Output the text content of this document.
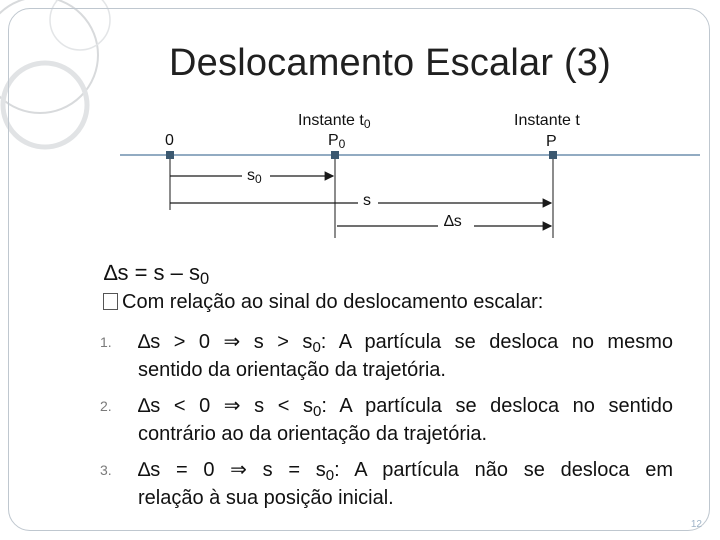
Deslocamento Escalar (3)
0
Instante $t_0$
$P_0$
Instante t
P
$s_0$
s
∆s
$\Delta s = s - s_0$
Com relação ao sinal do deslocamento escalar:
1. ∆s > 0 ⇒ $s > s_0$: A partícula se desloca no mesmo
sentido da orientação da trajetória.
2. ∆s < 0 ⇒ $s < s_0$: A partícula se desloca no sentido
contrário ao da orientação da trajetória.
3. ∆s = 0 ⇒ $s = s_0$: A partícula não se desloca em
relação à sua posição inicial.
12
